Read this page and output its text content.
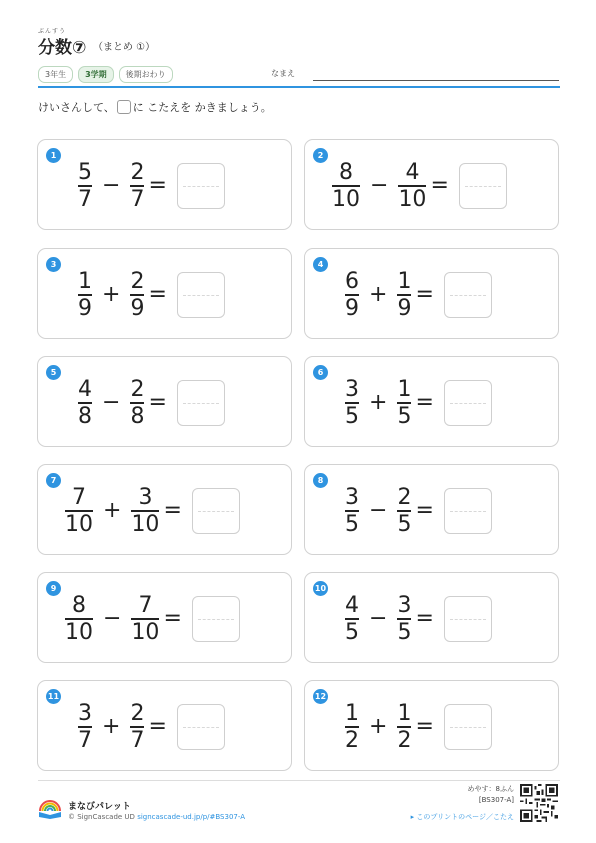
ぶんすう
分数⑦ （まとめ ①）
3年生	3学期	後期おわり	なまえ
けいさんして、 に こたえを かきましょう。
1
$\frac{5}{7} - \frac{2}{7}$ =
2
$\frac{8}{10} - \frac{4}{10}$ =
3
$\frac{1}{9} + \frac{2}{9}$ =
4
$\frac{6}{9} + \frac{1}{9}$ =
5
$\frac{4}{8} - \frac{2}{8}$ =
6
$\frac{3}{5} + \frac{1}{5}$ =
7
$\frac{7}{10} + \frac{3}{10}$ =
8
$\frac{3}{5} - \frac{2}{5}$ =
9
$\frac{8}{10} - \frac{7}{10}$ =
10
$\frac{4}{5} - \frac{3}{5}$ =
11
$\frac{3}{7} + \frac{2}{7}$ =
12
$\frac{1}{2} + \frac{1}{2}$ =
まなびパレット
© SignCascade UD signcascade-ud.jp/p/#BS307-A
めやす：8ふん
[BS307-A]
▸ このプリントのページ／こたえ
